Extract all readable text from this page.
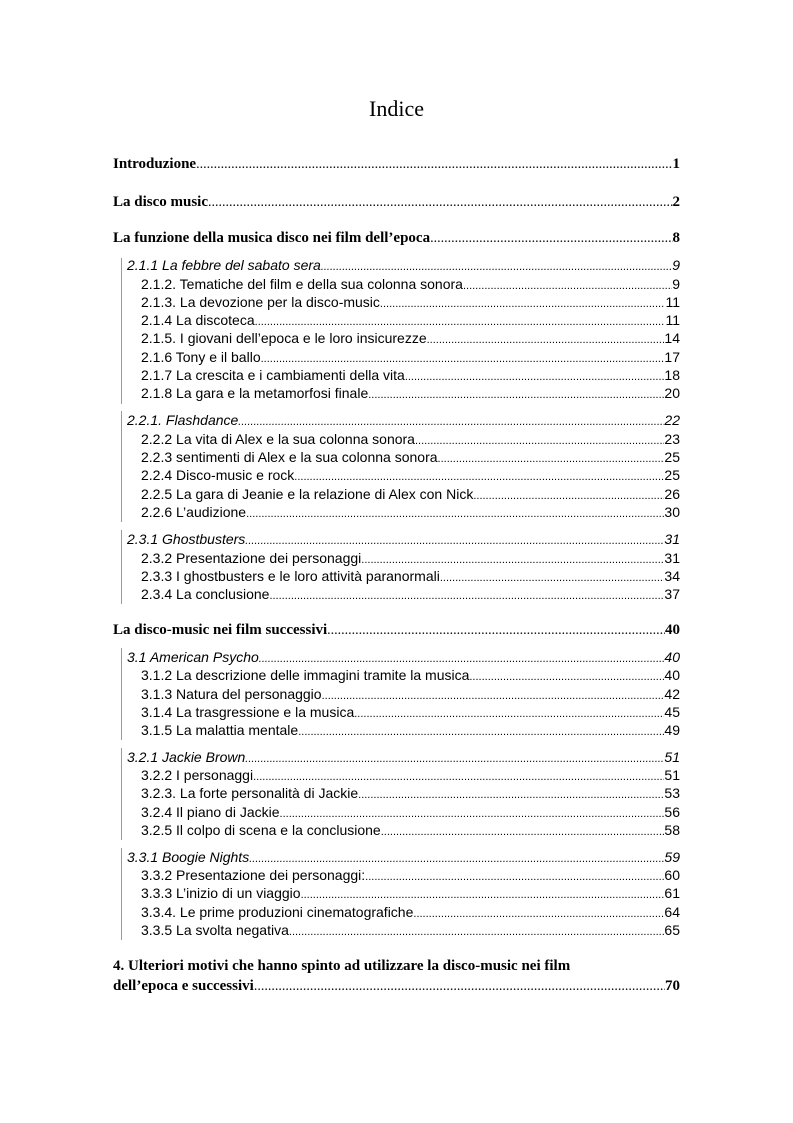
Indice
Introduzione .....	1
La disco music .....	2
La funzione della musica disco nei film dell’epoca .....	8
2.1.1 La febbre del sabato sera .....	9
2.1.2. Tematiche del film e della sua colonna sonora .....	9
2.1.3. La devozione per la disco-music .....	11
2.1.4 La discoteca .....	11
2.1.5. I giovani dell’epoca e le loro insicurezze .....	14
2.1.6 Tony e il ballo .....	17
2.1.7 La crescita e i cambiamenti della vita .....	18
2.1.8 La gara e la metamorfosi finale .....	20
2.2.1. Flashdance .....	22
2.2.2 La vita di Alex e la sua colonna sonora .....	23
2.2.3 sentimenti di Alex e la sua colonna sonora .....	25
2.2.4 Disco-music e rock .....	25
2.2.5 La gara di Jeanie e la relazione di Alex con Nick .....	26
2.2.6 L’audizione .....	30
2.3.1 Ghostbusters .....	31
2.3.2 Presentazione dei personaggi .....	31
2.3.3 I ghostbusters e le loro attività paranormali .....	34
2.3.4 La conclusione .....	37
La disco-music nei film successivi .....	40
3.1 American Psycho .....	40
3.1.2 La descrizione delle immagini tramite la musica .....	40
3.1.3 Natura del personaggio .....	42
3.1.4 La trasgressione e la musica .....	45
3.1.5 La malattia mentale .....	49
3.2.1 Jackie Brown .....	51
3.2.2 I personaggi .....	51
3.2.3. La forte personalità di Jackie .....	53
3.2.4 Il piano di Jackie .....	56
3.2.5 Il colpo di scena e la conclusione .....	58
3.3.1 Boogie Nights .....	59
3.3.2 Presentazione dei personaggi: .....	60
3.3.3 L’inizio di un viaggio .....	61
3.3.4. Le prime produzioni cinematografiche .....	64
3.3.5 La svolta negativa .....	65
4. Ulteriori motivi che hanno spinto ad utilizzare la disco-music nei film
dell’epoca e successivi .....	70
